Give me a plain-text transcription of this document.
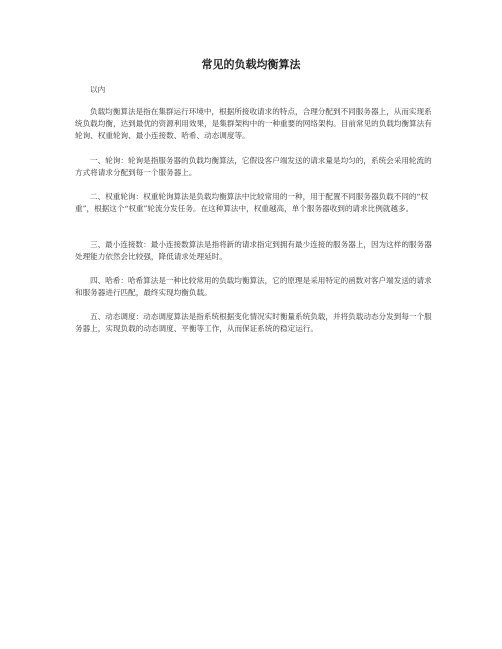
常见的负载均衡算法
以内

负载均衡算法是指在集群运行环境中，根据所接收请求的特点，合理分配到不同服务器上，从而实现系统负载均衡，达到最优的资源利用效果，是集群架构中的一种重要的网络架构。目前常见的负载均衡算法有轮询、权重轮询、最小连接数、哈希、动态调度等。

一、轮询：轮询是指服务器的负载均衡算法，它假设客户端发送的请求量是均匀的，系统会采用轮流的方式将请求分配到每一个服务器上。

二、权重轮询：权重轮询算法是负载均衡算法中比较常用的一种，用于配置不同服务器负载不同的“权重”，根据这个“权重”轮流分发任务。在这种算法中，权重越高，单个服务器收到的请求比例就越多。

三、最小连接数：最小连接数算法是指将新的请求指定到拥有最少连接的服务器上，因为这样的服务器处理能力依然会比较强，降低请求处理延时。

四、哈希：哈希算法是一种比较常用的负载均衡算法，它的原理是采用特定的函数对客户端发送的请求和服务器进行匹配，最终实现均衡负载。

五、动态调度：动态调度算法是指系统根据变化情况实时衡量系统负载，并将负载动态分发到每一个服务器上，实现负载的动态调度、平衡等工作，从而保证系统的稳定运行。
